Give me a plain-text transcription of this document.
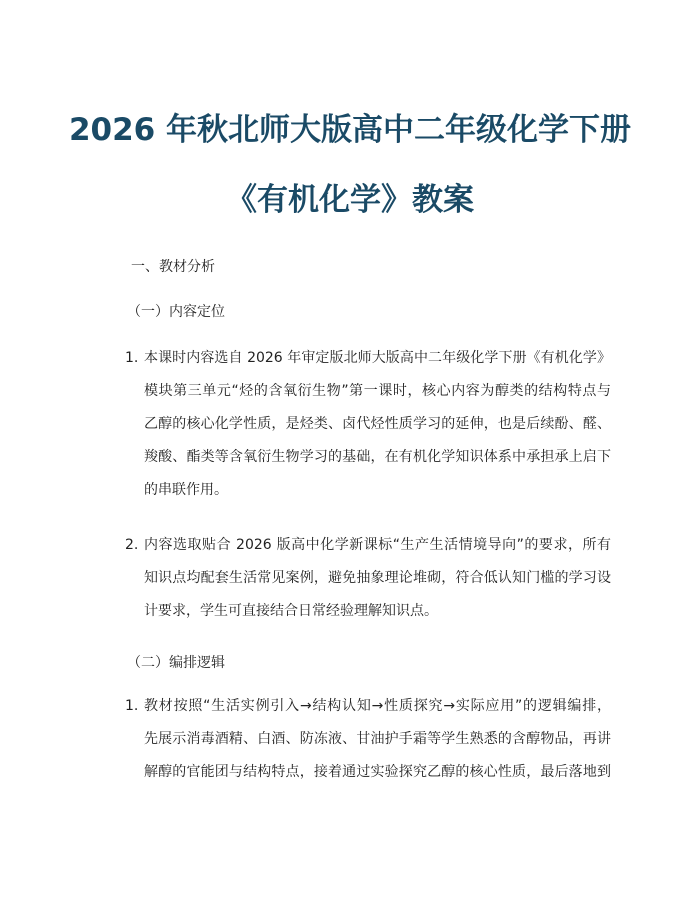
2026 年秋北师大版高中二年级化学下册
《有机化学》教案

一、教材分析

（一）内容定位

1. 本课时内容选自 2026 年审定版北师大版高中二年级化学下册《有机化学》
模块第三单元“烃的含氧衍生物”第一课时，核心内容为醇类的结构特点与
乙醇的核心化学性质，是烃类、卤代烃性质学习的延伸，也是后续酚、醛、
羧酸、酯类等含氧衍生物学习的基础，在有机化学知识体系中承担承上启下
的串联作用。
2. 内容选取贴合 2026 版高中化学新课标“生产生活情境导向”的要求，所有
知识点均配套生活常见案例，避免抽象理论堆砌，符合低认知门槛的学习设
计要求，学生可直接结合日常经验理解知识点。

（二）编排逻辑

1. 教材按照“生活实例引入→结构认知→性质探究→实际应用”的逻辑编排，
先展示消毒酒精、白酒、防冻液、甘油护手霜等学生熟悉的含醇物品，再讲
解醇的官能团与结构特点，接着通过实验探究乙醇的核心性质，最后落地到
